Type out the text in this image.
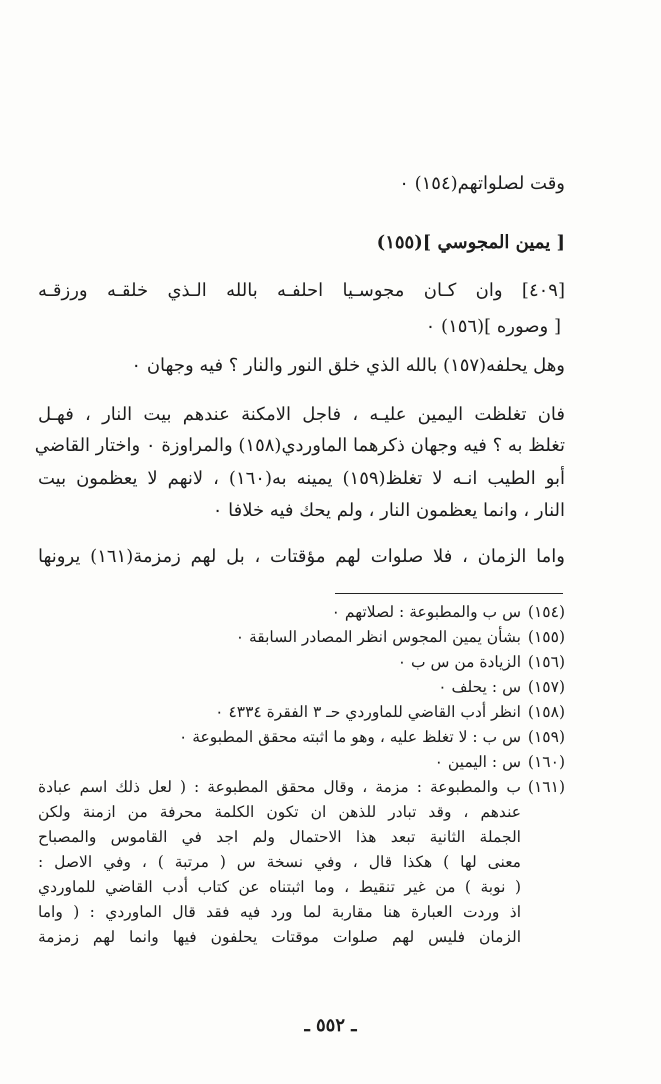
وقت لصلواتهم(١٥٤) ٠
[ يمين المجوسي ](١٥٥)
[٤٠٩] وان كـان مجوسـيا احلفـه بالله الـذي خلقـه ورزقـه
[ وصوره ](١٥٦) ٠
وهل يحلفه(١٥٧) بالله الذي خلق النور والنار ؟ فيه وجهان ٠
فان تغلظت اليمين عليـه ، فاجل الامكنة عندهم بيت النار ، فهـل
تغلظ به ؟ فيه وجهان ذكرهما الماوردي(١٥٨) والمراوزة ٠ واختار القاضي
أبو الطيب انـه لا تغلظ(١٥٩) يمينه به(١٦٠) ، لانهم لا يعظمون بيت
النار ، وانما يعظمون النار ، ولم يحك فيه خلافا ٠
واما الزمان ، فلا صلوات لهم مؤقتات ، بل لهم زمزمة(١٦١) يرونها
(١٥٤)
س ب والمطبوعة : لصلاتهم ٠
(١٥٥)
بشأن يمين المجوس انظر المصادر السابقة ٠
(١٥٦)
الزيادة من س ب ٠
(١٥٧)
س : يحلف ٠
(١٥٨)
انظر أدب القاضي للماوردي حـ ٣ الفقرة ٤٣٣٤ ٠
(١٥٩)
س ب : لا تغلظ عليه ، وهو ما اثبته محقق المطبوعة ٠
(١٦٠)
س : اليمين ٠
(١٦١)
ب والمطبوعة : مزمة ، وقال محقق المطبوعة : ( لعل ذلك اسم عبادة
عندهم ، وقد تبادر للذهن ان تكون الكلمة محرفة من ازمنة ولكن
الجملة الثانية تبعد هذا الاحتمال ولم اجد في القاموس والمصباح
معنى لها ) هكذا قال ، وفي نسخة س ( مرتبة ) ، وفي الاصل :
( نوبة ) من غير تنقيط ، وما اثبتناه عن كتاب أدب القاضي للماوردي
اذ وردت العبارة هنا مقاربة لما ورد فيه فقد قال الماوردي : ( واما
الزمان فليس لهم صلوات موقتات يحلفون فيها وانما لهم زمزمة
ـ ٥٥٢ ـ
